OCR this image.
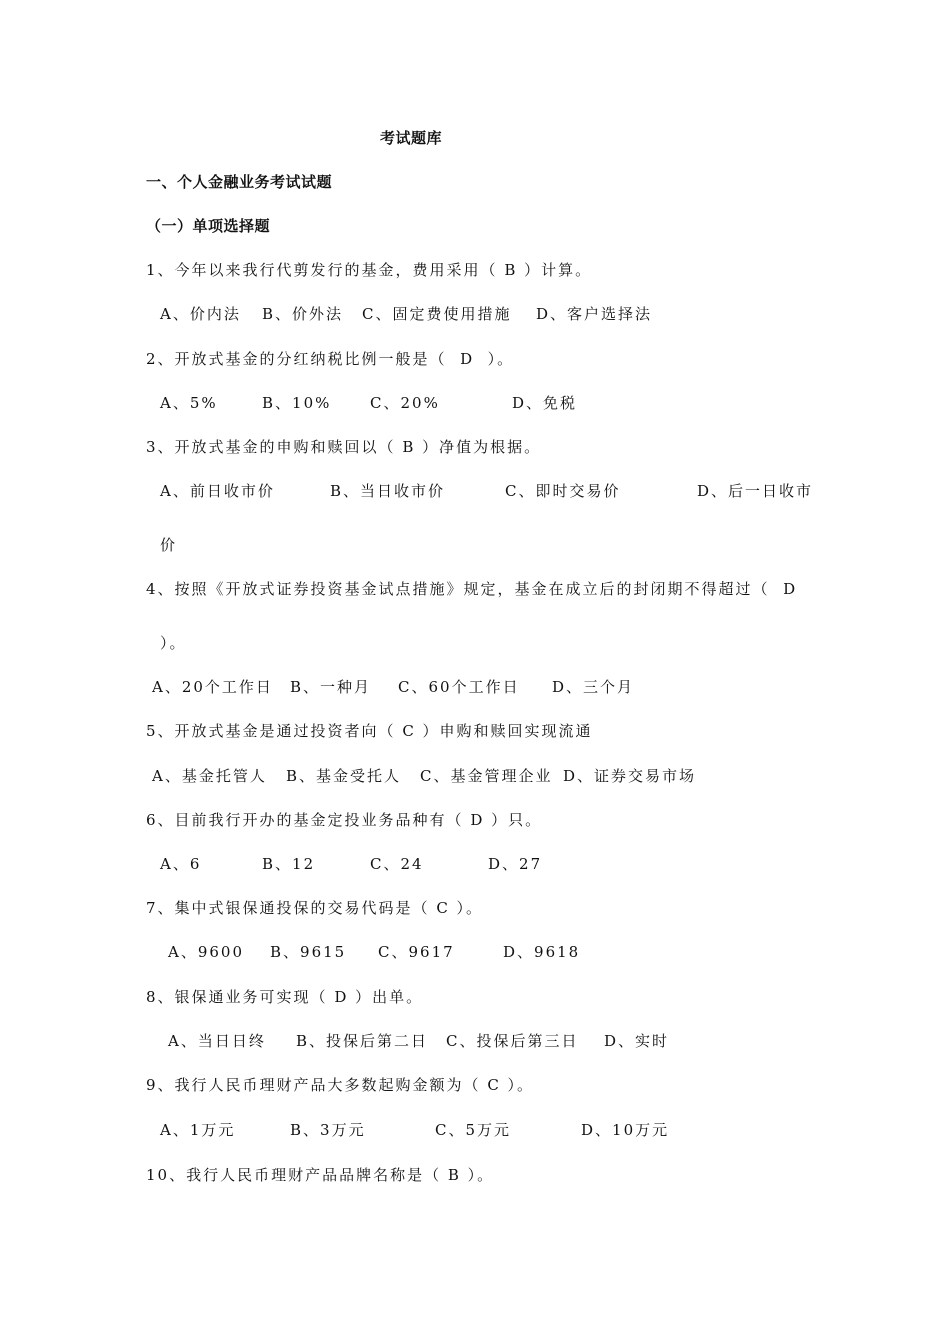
考试题库
一、个人金融业务考试试题
（一）单项选择题
1、今年以来我行代剪发行的基金，费用采用（ B ）计算。
A、价内法 B、价外法 C、固定费使用措施 D、客户选择法
2、开放式基金的分红纳税比例一般是（  D  ）。
A、5%	B、10%	C、20%	D、免税
3、开放式基金的申购和赎回以（ B ）净值为根据。
A、前日收市价	B、当日收市价	C、即时交易价	D、后一日收市
价
4、按照《开放式证券投资基金试点措施》规定，基金在成立后的封闭期不得超过（  D
）。
A、20个工作日 B、一种月 C、60个工作日 D、三个月
5、开放式基金是通过投资者向（ C ）申购和赎回实现流通
A、基金托管人 B、基金受托人 C、基金管理企业 D、证券交易市场
6、目前我行开办的基金定投业务品种有（ D ）只。
A、6	B、12	C、24	D、27
7、集中式银保通投保的交易代码是（ C ）。
A、9600 B、9615 C、9617	D、9618
8、银保通业务可实现（ D ）出单。
A、当日日终 B、投保后第二日 C、投保后第三日 D、实时
9、我行人民币理财产品大多数起购金额为（ C ）。
A、1万元	B、3万元	C、5万元	D、10万元
10、我行人民币理财产品品牌名称是（ B ）。
